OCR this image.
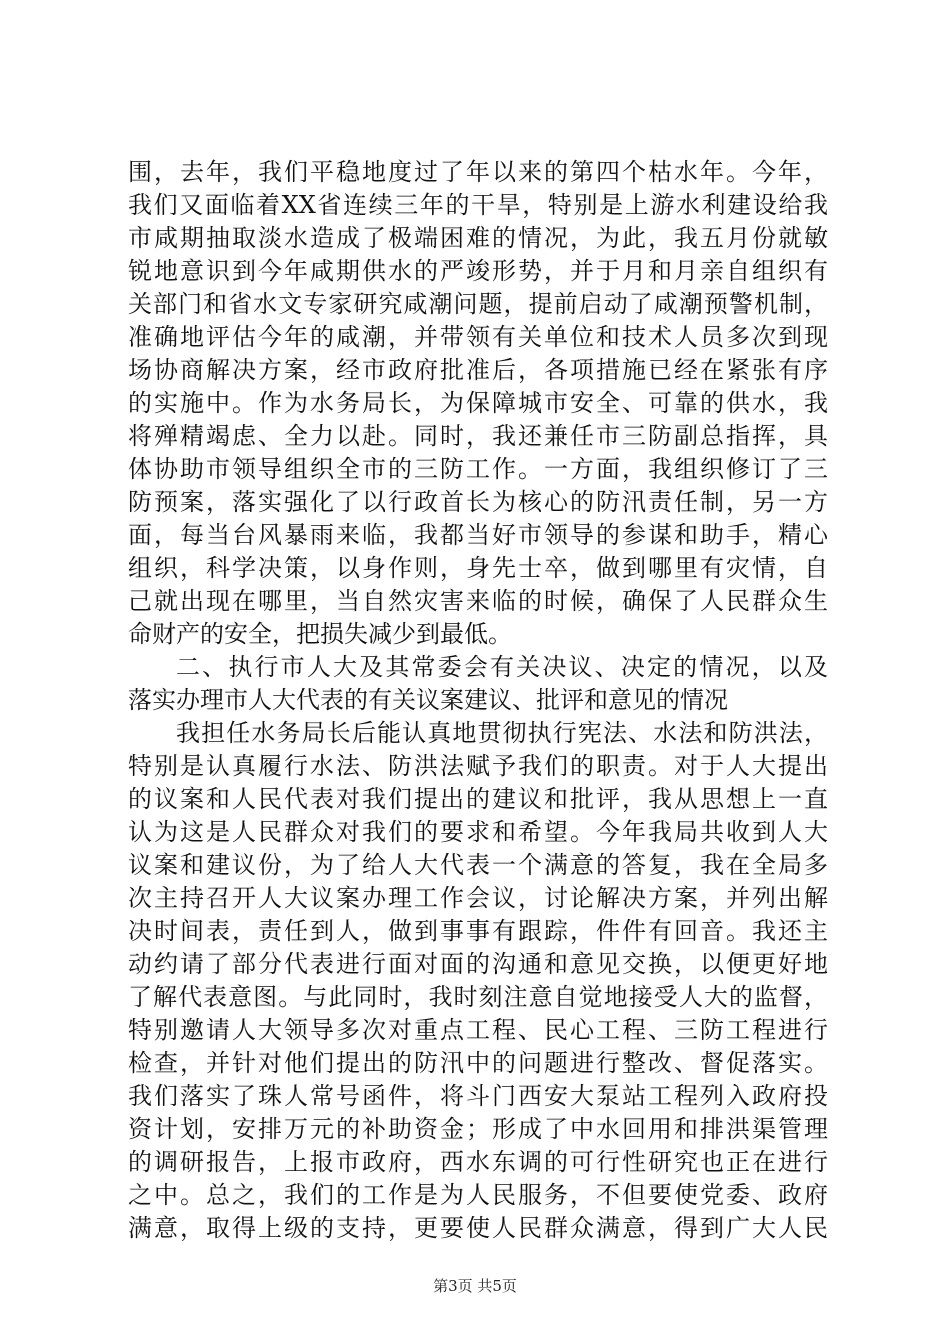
围，去年，我们平稳地度过了年以来的第四个枯水年。今年，
我们又面临着XX省连续三年的干旱，特别是上游水利建设给我
市咸期抽取淡水造成了极端困难的情况，为此，我五月份就敏
锐地意识到今年咸期供水的严竣形势，并于月和月亲自组织有
关部门和省水文专家研究咸潮问题，提前启动了咸潮预警机制，
准确地评估今年的咸潮，并带领有关单位和技术人员多次到现
场协商解决方案，经市政府批准后，各项措施已经在紧张有序
的实施中。作为水务局长，为保障城市安全、可靠的供水，我
将殚精竭虑、全力以赴。同时，我还兼任市三防副总指挥，具
体协助市领导组织全市的三防工作。一方面，我组织修订了三
防预案，落实强化了以行政首长为核心的防汛责任制，另一方
面，每当台风暴雨来临，我都当好市领导的参谋和助手，精心
组织，科学决策，以身作则，身先士卒，做到哪里有灾情，自
己就出现在哪里，当自然灾害来临的时候，确保了人民群众生
命财产的安全，把损失减少到最低。
二、执行市人大及其常委会有关决议、决定的情况，以及
落实办理市人大代表的有关议案建议、批评和意见的情况
我担任水务局长后能认真地贯彻执行宪法、水法和防洪法，
特别是认真履行水法、防洪法赋予我们的职责。对于人大提出
的议案和人民代表对我们提出的建议和批评，我从思想上一直
认为这是人民群众对我们的要求和希望。今年我局共收到人大
议案和建议份，为了给人大代表一个满意的答复，我在全局多
次主持召开人大议案办理工作会议，讨论解决方案，并列出解
决时间表，责任到人，做到事事有跟踪，件件有回音。我还主
动约请了部分代表进行面对面的沟通和意见交换，以便更好地
了解代表意图。与此同时，我时刻注意自觉地接受人大的监督，
特别邀请人大领导多次对重点工程、民心工程、三防工程进行
检查，并针对他们提出的防汛中的问题进行整改、督促落实。
我们落实了珠人常号函件，将斗门西安大泵站工程列入政府投
资计划，安排万元的补助资金；形成了中水回用和排洪渠管理
的调研报告，上报市政府，西水东调的可行性研究也正在进行
之中。总之，我们的工作是为人民服务，不但要使党委、政府
满意，取得上级的支持，更要使人民群众满意，得到广大人民
第3页 共5页
